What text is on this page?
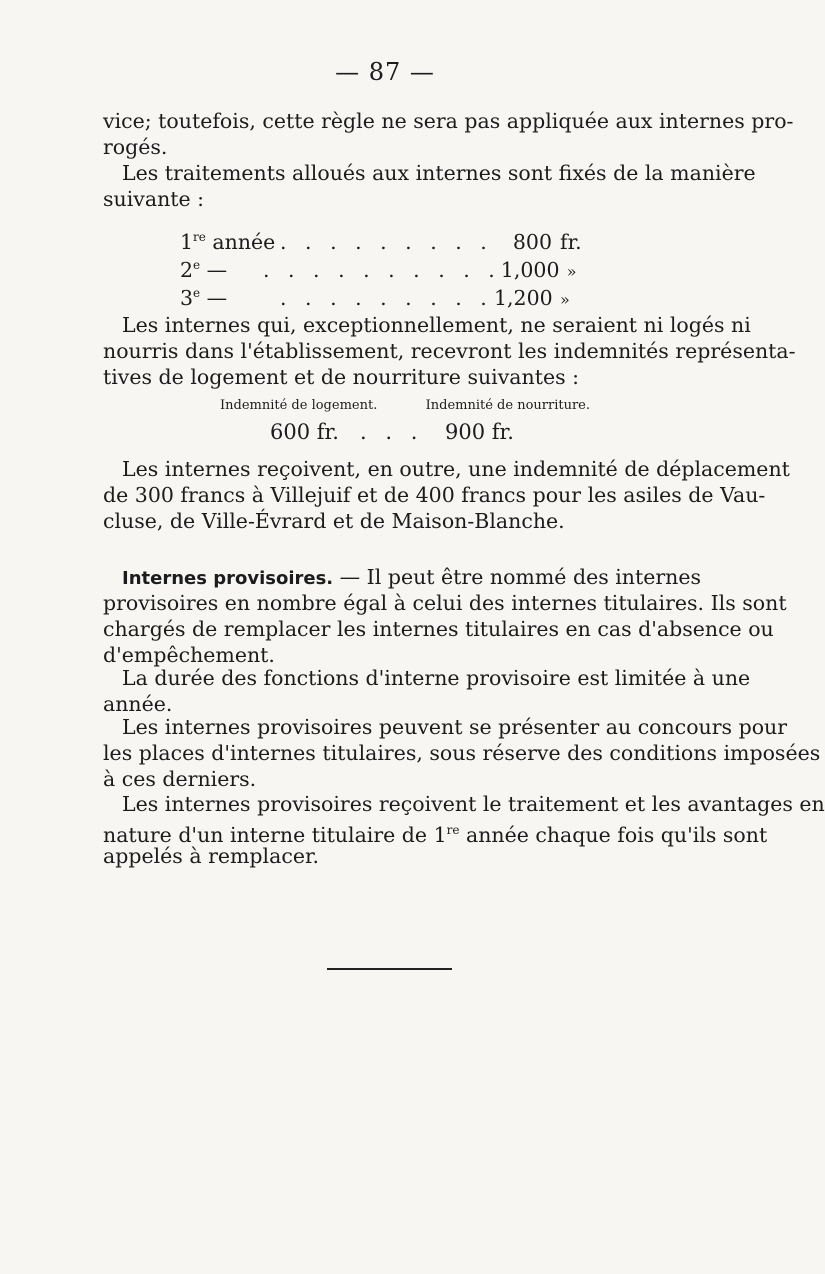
— 87 —
vice; toutefois, cette règle ne sera pas appliquée aux internes pro-
rogés.
Les traitements alloués aux internes sont fixés de la manière
suivante :
1re année . . . . . . . . . 800 fr.
2e —	. . . . . . . . . . 1,000 »
3e —	. . . . . . . . . 1,200 »
Les internes qui, exceptionnellement, ne seraient ni logés ni
nourris dans l'établissement, recevront les indemnités représenta-
tives de logement et de nourriture suivantes :
Indemnité de logement.	Indemnité de nourriture.
600 fr.	. . .	900 fr.
Les internes reçoivent, en outre, une indemnité de déplacement
de 300 francs à Villejuif et de 400 francs pour les asiles de Vau-
cluse, de Ville-Évrard et de Maison-Blanche.
Internes provisoires. — Il peut être nommé des internes
provisoires en nombre égal à celui des internes titulaires. Ils sont
chargés de remplacer les internes titulaires en cas d'absence ou
d'empêchement.
La durée des fonctions d'interne provisoire est limitée à une
année.
Les internes provisoires peuvent se présenter au concours pour
les places d'internes titulaires, sous réserve des conditions imposées
à ces derniers.
Les internes provisoires reçoivent le traitement et les avantages en
nature d'un interne titulaire de 1re année chaque fois qu'ils sont
appelés à remplacer.
